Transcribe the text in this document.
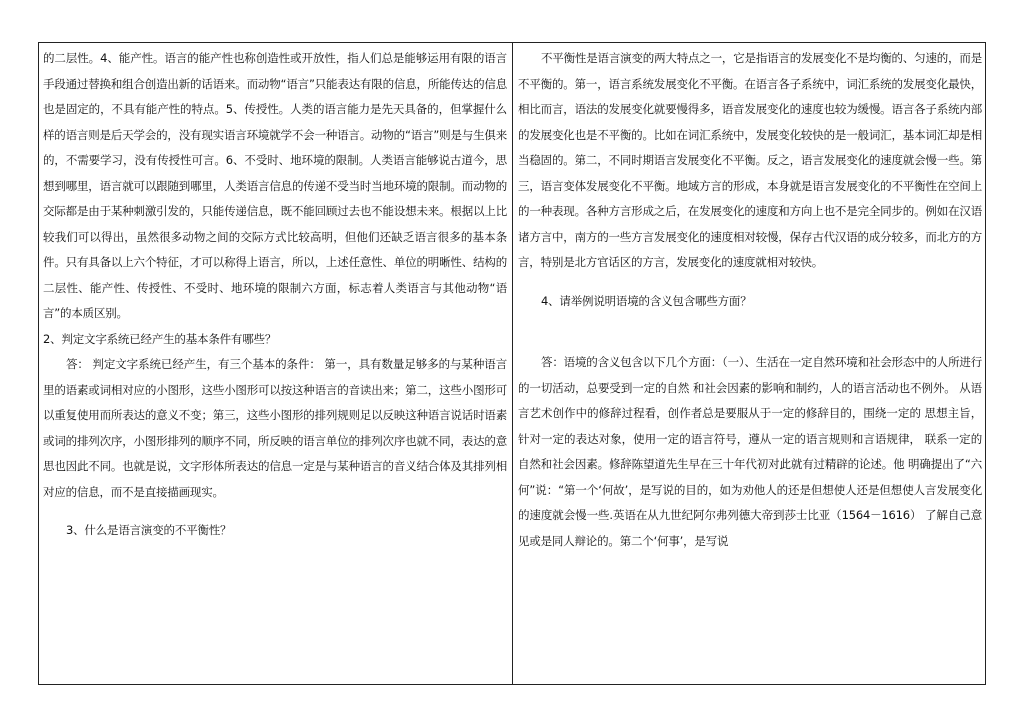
的二层性。4、能产性。语言的能产性也称创造性或开放性，指人们总是能够运用有限的语言手段通过替换和组合创造出新的话语来。而动物“语言”只能表达有限的信息，所能传达的信息也是固定的，不具有能产性的特点。5、传授性。人类的语言能力是先天具备的，但掌握什么样的语言则是后天学会的，没有现实语言环境就学不会一种语言。动物的“语言”则是与生俱来的，不需要学习，没有传授性可言。6、不受时、地环境的限制。人类语言能够说古道今，思想到哪里，语言就可以跟随到哪里，人类语言信息的传递不受当时当地环境的限制。而动物的交际都是由于某种刺激引发的，只能传递信息，既不能回顾过去也不能设想未来。根据以上比较我们可以得出，虽然很多动物之间的交际方式比较高明，但他们还缺乏语言很多的基本条件。只有具备以上六个特征，才可以称得上语言，所以，上述任意性、单位的明晰性、结构的二层性、能产性、传授性、不受时、地环境的限制六方面，标志着人类语言与其他动物“语言”的本质区别。

2、判定文字系统已经产生的基本条件有哪些？

答： 判定文字系统已经产生，有三个基本的条件： 第一，具有数量足够多的与某种语言里的语素或词相对应的小图形，这些小图形可以按这种语言的音读出来；第二，这些小图形可以重复使用而所表达的意义不变；第三，这些小图形的排列规则足以反映这种语言说话时语素或词的排列次序，小图形排列的顺序不同，所反映的语言单位的排列次序也就不同，表达的意思也因此不同。也就是说，文字形体所表达的信息一定是与某种语言的音义结合体及其排列相对应的信息，而不是直接描画现实。

3、什么是语言演变的不平衡性？

不平衡性是语言演变的两大特点之一，它是指语言的发展变化不是均衡的、匀速的，而是不平衡的。第一，语言系统发展变化不平衡。在语言各子系统中，词汇系统的发展变化最快，相比而言，语法的发展变化就要慢得多，语音发展变化的速度也较为缓慢。语言各子系统内部的发展变化也是不平衡的。比如在词汇系统中，发展变化较快的是一般词汇，基本词汇却是相当稳固的。第二，不同时期语言发展变化不平衡。反之，语言发展变化的速度就会慢一些。第三，语言变体发展变化不平衡。地域方言的形成，本身就是语言发展变化的不平衡性在空间上的一种表现。各种方言形成之后，在发展变化的速度和方向上也不是完全同步的。例如在汉语诸方言中，南方的一些方言发展变化的速度相对较慢，保存古代汉语的成分较多，而北方的方言，特别是北方官话区的方言，发展变化的速度就相对较快。

4、请举例说明语境的含义包含哪些方面？

答：语境的含义包含以下几个方面：（一）、生活在一定自然环境和社会形态中的人所进行的一切活动，总要受到一定的自然 和社会因素的影响和制约，人的语言活动也不例外。 从语言艺术创作中的修辞过程看，创作者总是要服从于一定的修辞目的，围绕一定的 思想主旨，针对一定的表达对象，使用一定的语言符号，遵从一定的语言规则和言语规律， 联系一定的自然和社会因素。修辞陈望道先生早在三十年代初对此就有过精辟的论述。他 明确提出了“六何”说：“第一个‘何故’，是写说的目的，如为劝他人的还是但想使人还是但想使人言发展变化的速度就会慢一些.英语在从九世纪阿尔弗列德大帝到莎士比亚（1564－1616） 了解自己意见或是同人辩论的。第二个‘何事’，是写说
